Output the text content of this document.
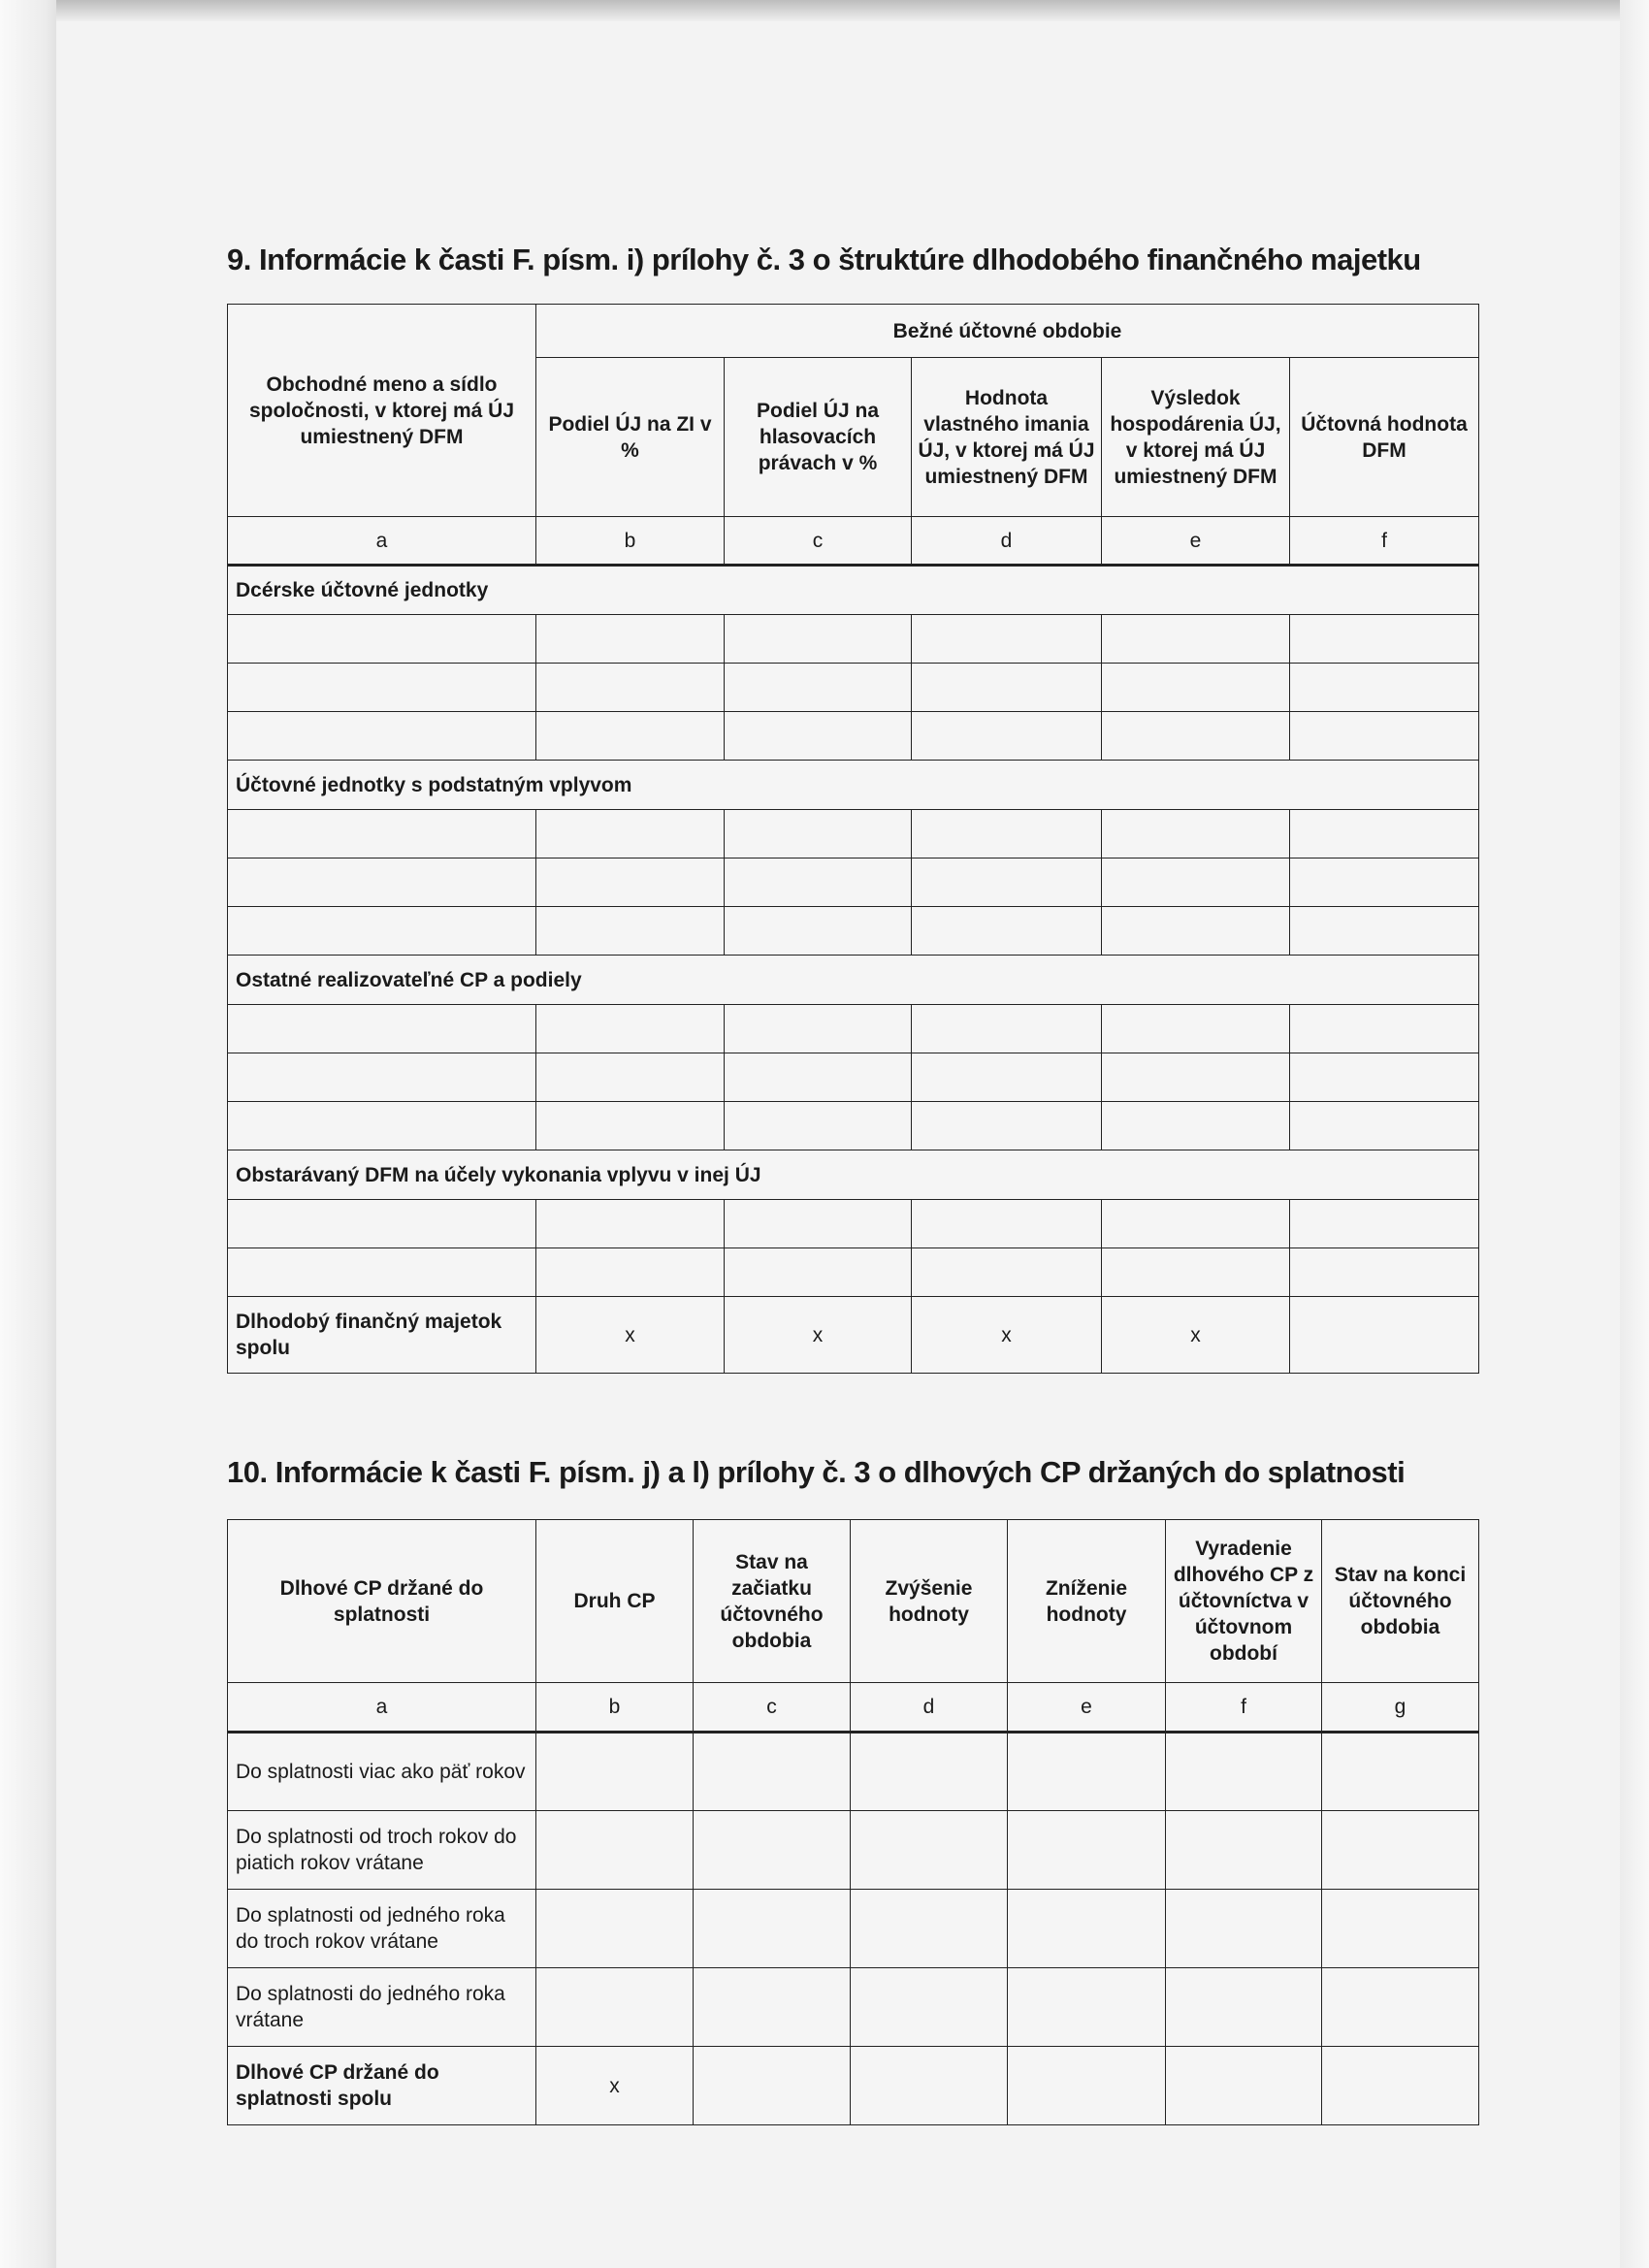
9. Informácie k časti F. písm. i) prílohy č. 3 o štruktúre dlhodobého finančného majetku
Obchodné meno a sídlo spoločnosti, v ktorej má ÚJ umiestnený DFM	Bežné účtovné obdobie				
	Podiel ÚJ na ZI v %	Podiel ÚJ na hlasovacích právach v %	Hodnota vlastného imania ÚJ, v ktorej má ÚJ umiestnený DFM	Výsledok hospodárenia ÚJ, v ktorej má ÚJ umiestnený DFM	Účtovná hodnota DFM
a	b	c	d	e	f
Dcérske účtovné jednotky					

Účtovné jednotky s podstatným vplyvom					

Ostatné realizovateľné CP a podiely					

Obstarávaný DFM na účely vykonania vplyvu v inej ÚJ					

Dlhodobý finančný majetok spolu	x	x	x	x	
10. Informácie k časti F. písm. j) a l) prílohy č. 3 o dlhových CP držaných do splatnosti
Dlhové CP držané do splatnosti	Druh CP	Stav na začiatku účtovného obdobia	Zvýšenie hodnoty	Zníženie hodnoty	Vyradenie dlhového CP z účtovníctva v účtovnom období	Stav na konci účtovného obdobia
a	b	c	d	e	f	g
Do splatnosti viac ako päť rokov						
Do splatnosti od troch rokov do piatich rokov vrátane						
Do splatnosti od jedného roka do troch rokov vrátane						
Do splatnosti do jedného roka vrátane						
Dlhové CP držané do splatnosti spolu	x					
